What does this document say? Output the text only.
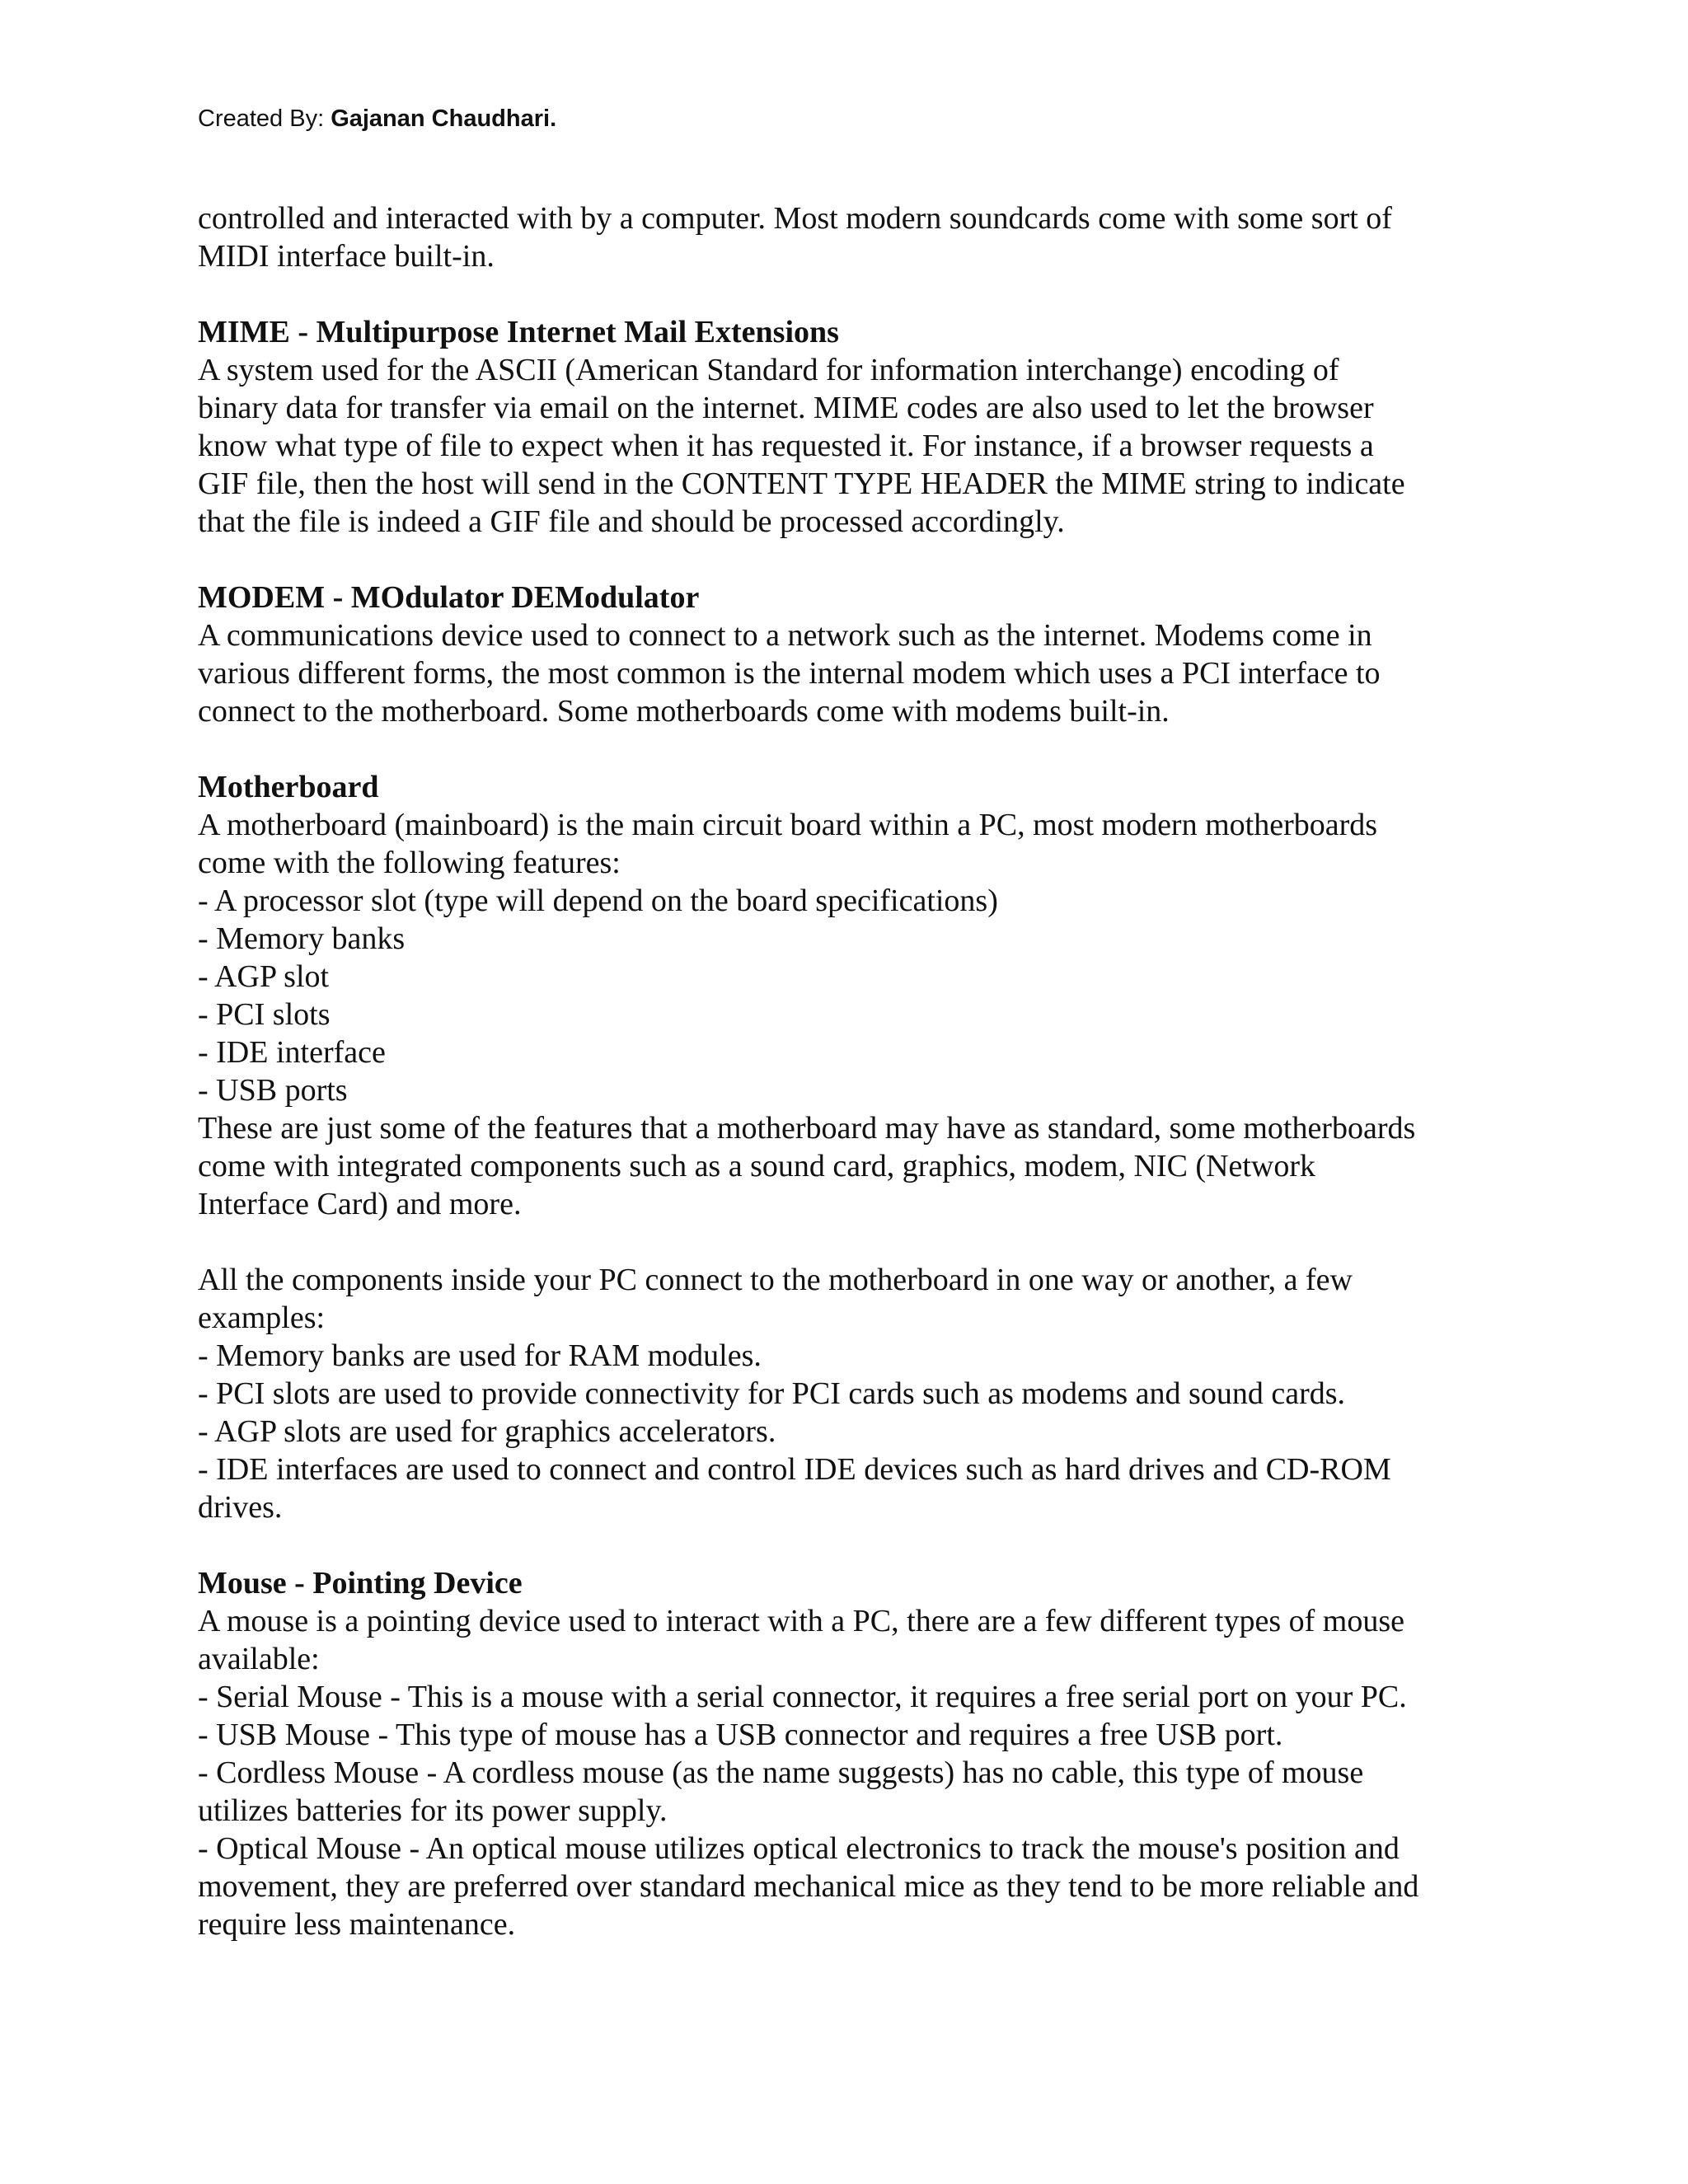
Created By: Gajanan Chaudhari.
controlled and interacted with by a computer. Most modern soundcards come with some sort of
MIDI interface built-in.
MIME - Multipurpose Internet Mail Extensions
A system used for the ASCII (American Standard for information interchange) encoding of
binary data for transfer via email on the internet. MIME codes are also used to let the browser
know what type of file to expect when it has requested it. For instance, if a browser requests a
GIF file, then the host will send in the CONTENT TYPE HEADER the MIME string to indicate
that the file is indeed a GIF file and should be processed accordingly.
MODEM - MOdulator DEModulator
A communications device used to connect to a network such as the internet. Modems come in
various different forms, the most common is the internal modem which uses a PCI interface to
connect to the motherboard. Some motherboards come with modems built-in.
Motherboard
A motherboard (mainboard) is the main circuit board within a PC, most modern motherboards
come with the following features:
- A processor slot (type will depend on the board specifications)
- Memory banks
- AGP slot
- PCI slots
- IDE interface
- USB ports
These are just some of the features that a motherboard may have as standard, some motherboards
come with integrated components such as a sound card, graphics, modem, NIC (Network
Interface Card) and more.
All the components inside your PC connect to the motherboard in one way or another, a few
examples:
- Memory banks are used for RAM modules.
- PCI slots are used to provide connectivity for PCI cards such as modems and sound cards.
- AGP slots are used for graphics accelerators.
- IDE interfaces are used to connect and control IDE devices such as hard drives and CD-ROM
drives.
Mouse - Pointing Device
A mouse is a pointing device used to interact with a PC, there are a few different types of mouse
available:
- Serial Mouse - This is a mouse with a serial connector, it requires a free serial port on your PC.
- USB Mouse - This type of mouse has a USB connector and requires a free USB port.
- Cordless Mouse - A cordless mouse (as the name suggests) has no cable, this type of mouse
utilizes batteries for its power supply.
- Optical Mouse - An optical mouse utilizes optical electronics to track the mouse's position and
movement, they are preferred over standard mechanical mice as they tend to be more reliable and
require less maintenance.
